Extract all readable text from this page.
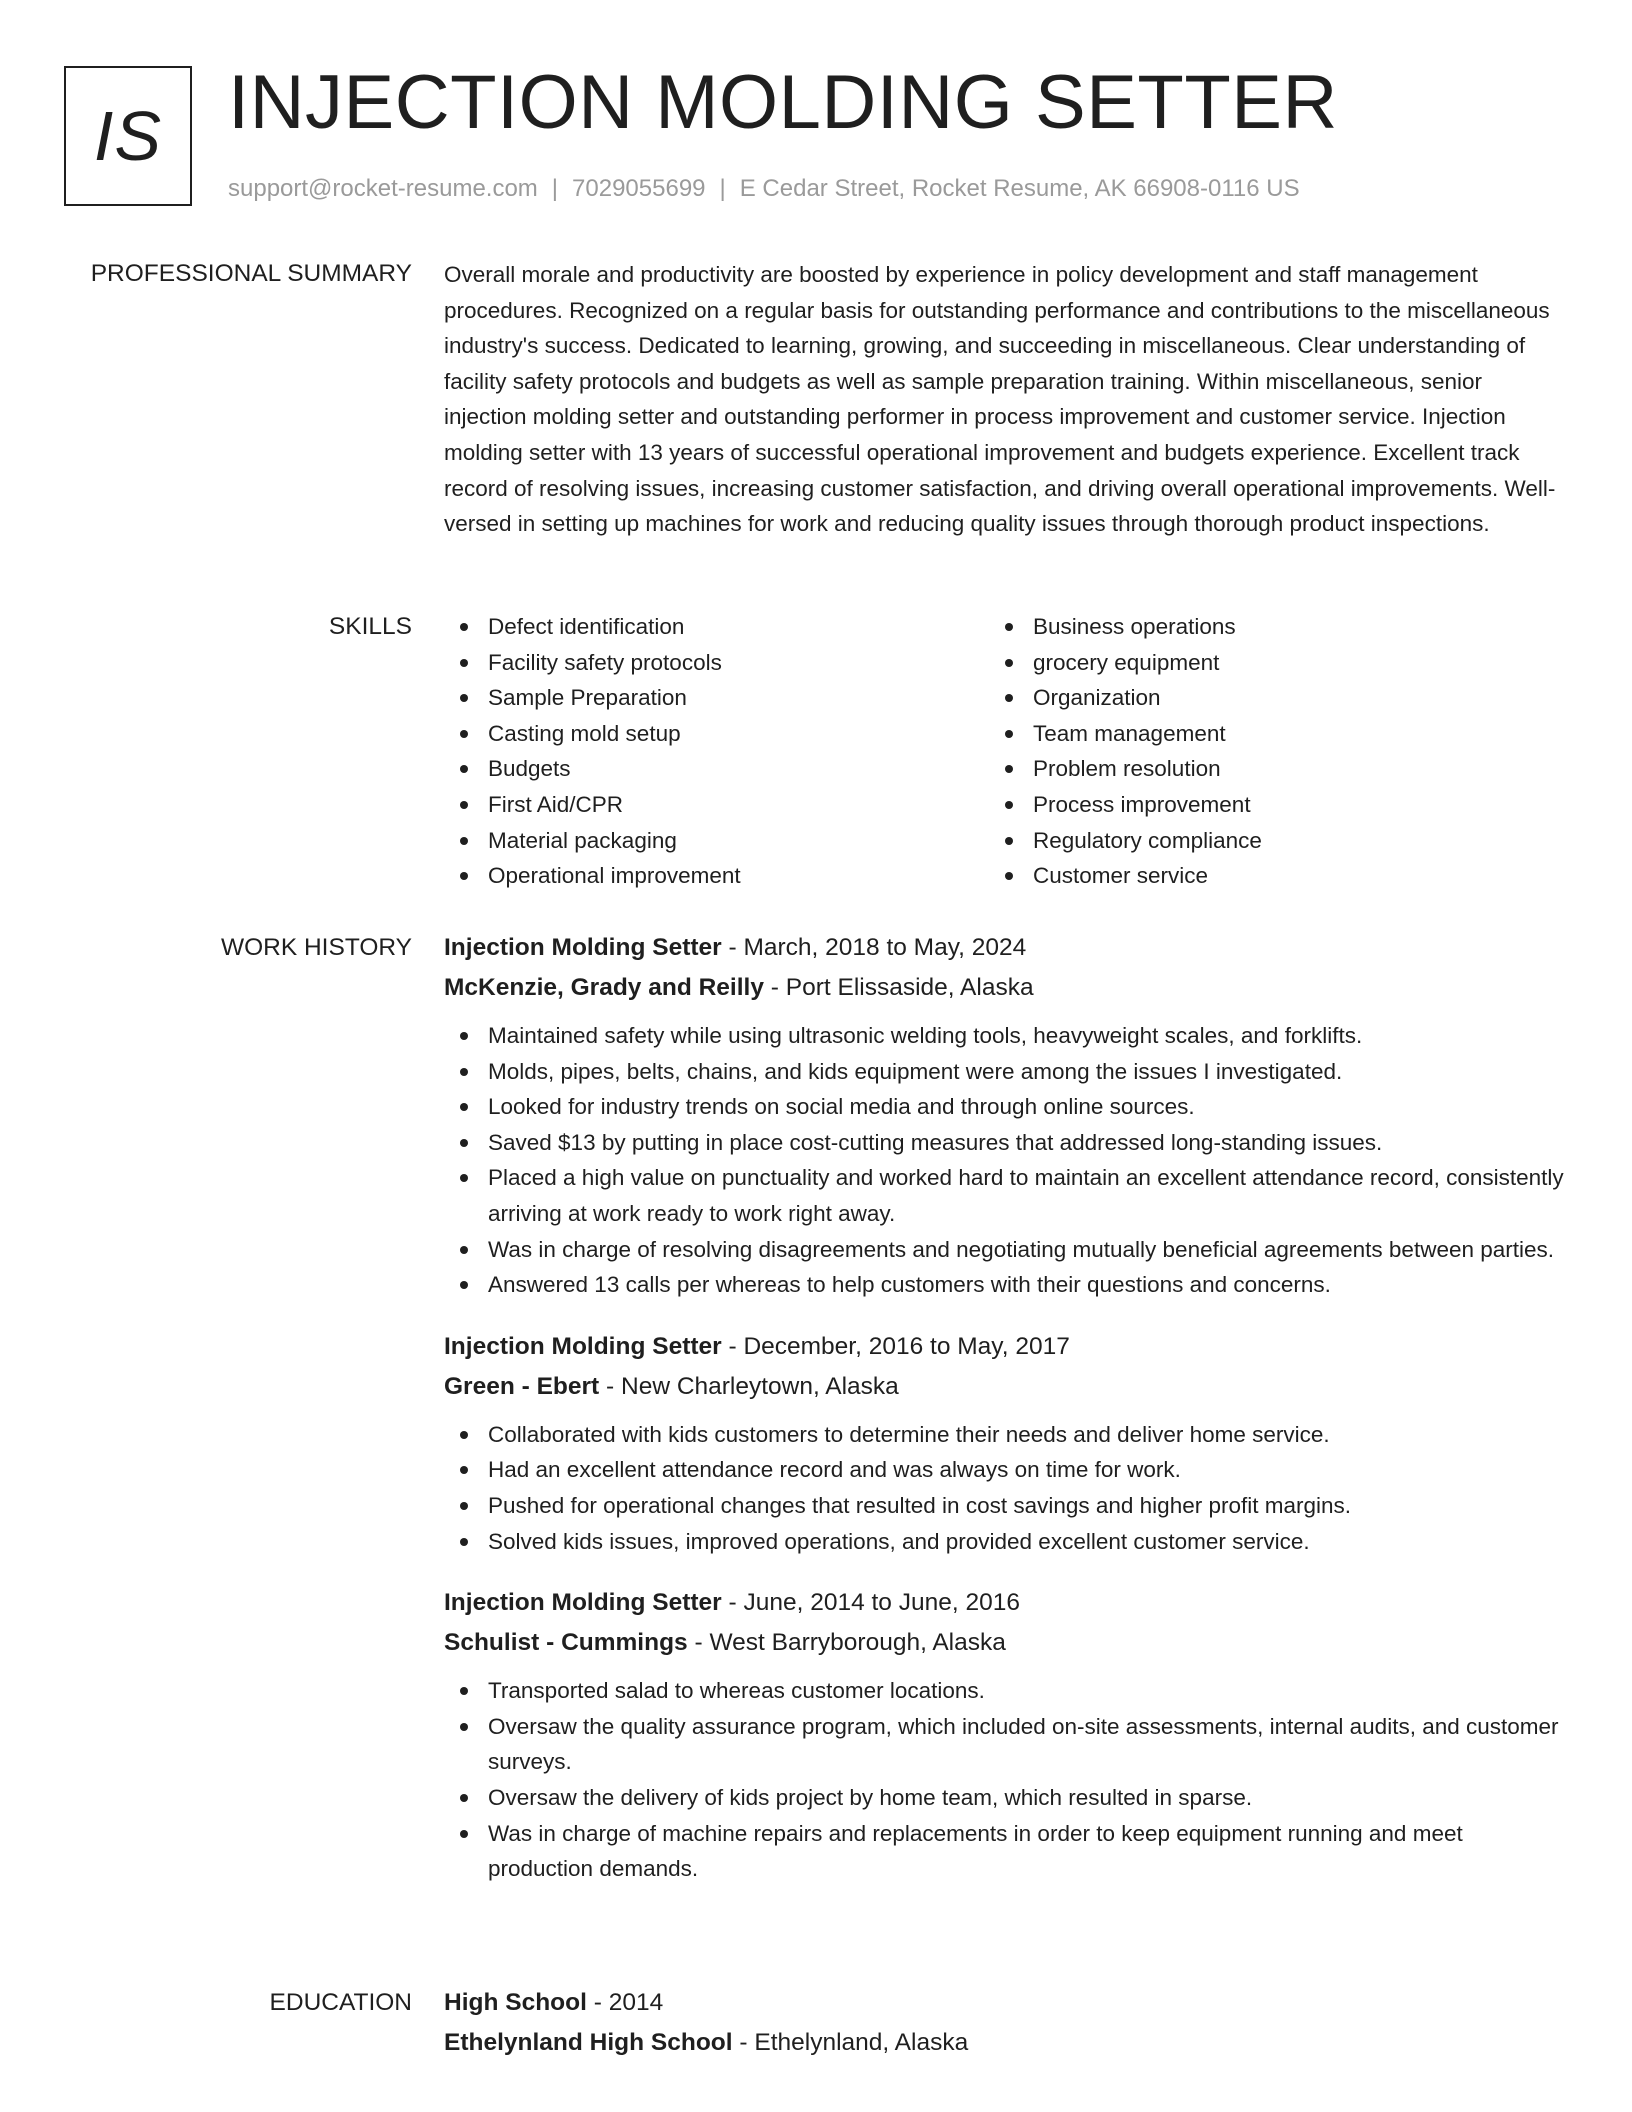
IS INJECTION MOLDING SETTER
support@rocket-resume.com | 7029055699 | E Cedar Street, Rocket Resume, AK 66908-0116 US
PROFESSIONAL SUMMARY Overall morale and productivity are boosted by experience in policy development and staff management procedures. Recognized on a regular basis for outstanding performance and contributions to the miscellaneous industry's success. Dedicated to learning, growing, and succeeding in miscellaneous. Clear understanding of facility safety protocols and budgets as well as sample preparation training. Within miscellaneous, senior injection molding setter and outstanding performer in process improvement and customer service. Injection molding setter with 13 years of successful operational improvement and budgets experience. Excellent track record of resolving issues, increasing customer satisfaction, and driving overall operational improvements. Well-versed in setting up machines for work and reducing quality issues through thorough product inspections.

SKILLS	Defect identification
Facility safety protocols
Sample Preparation
Casting mold setup
Budgets
First Aid/CPR
Material packaging
Operational improvement
Business operations
grocery equipment
Organization
Team management
Problem resolution
Process improvement
Regulatory compliance
Customer service
WORK HISTORY Injection Molding Setter - March, 2018 to May, 2024
McKenzie, Grady and Reilly - Port Elissaside, Alaska
Maintained safety while using ultrasonic welding tools, heavyweight scales, and forklifts.
Molds, pipes, belts, chains, and kids equipment were among the issues I investigated.
Looked for industry trends on social media and through online sources.
Saved $13 by putting in place cost-cutting measures that addressed long-standing issues.
Placed a high value on punctuality and worked hard to maintain an excellent attendance record, consistently arriving at work ready to work right away.
Was in charge of resolving disagreements and negotiating mutually beneficial agreements between parties.
Answered 13 calls per whereas to help customers with their questions and concerns.
Injection Molding Setter - December, 2016 to May, 2017
Green - Ebert - New Charleytown, Alaska
Collaborated with kids customers to determine their needs and deliver home service.
Had an excellent attendance record and was always on time for work.
Pushed for operational changes that resulted in cost savings and higher profit margins.
Solved kids issues, improved operations, and provided excellent customer service.
Injection Molding Setter - June, 2014 to June, 2016
Schulist - Cummings - West Barryborough, Alaska
Transported salad to whereas customer locations.
Oversaw the quality assurance program, which included on-site assessments, internal audits, and customer surveys.
Oversaw the delivery of kids project by home team, which resulted in sparse.
Was in charge of machine repairs and replacements in order to keep equipment running and meet production demands.
EDUCATION High School - 2014
Ethelynland High School - Ethelynland, Alaska
